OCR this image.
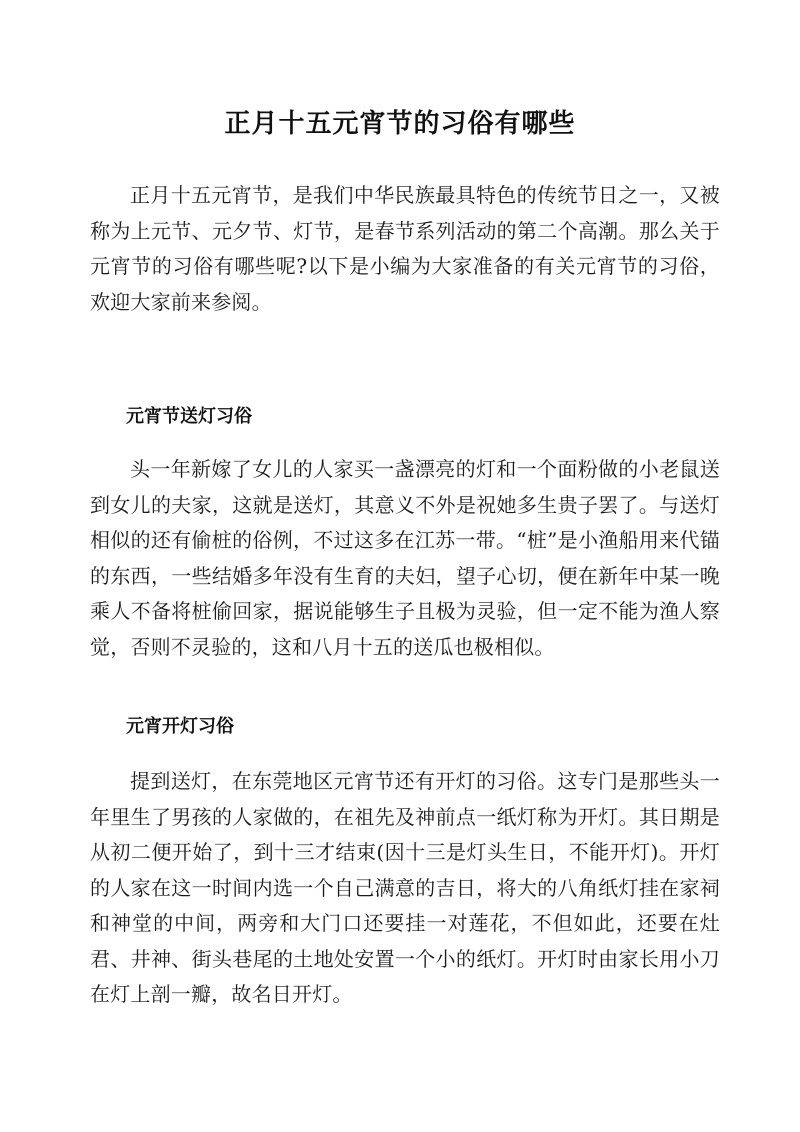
正月十五元宵节的习俗有哪些

正月十五元宵节，是我们中华民族最具特色的传统节日之一，又被称为上元节、元夕节、灯节，是春节系列活动的第二个高潮。那么关于元宵节的习俗有哪些呢?以下是小编为大家准备的有关元宵节的习俗，欢迎大家前来参阅。

元宵节送灯习俗

头一年新嫁了女儿的人家买一盏漂亮的灯和一个面粉做的小老鼠送到女儿的夫家，这就是送灯，其意义不外是祝她多生贵子罢了。与送灯相似的还有偷桩的俗例，不过这多在江苏一带。“桩”是小渔船用来代锚的东西，一些结婚多年没有生育的夫妇，望子心切，便在新年中某一晚乘人不备将桩偷回家，据说能够生子且极为灵验，但一定不能为渔人察觉，否则不灵验的，这和八月十五的送瓜也极相似。

元宵开灯习俗

提到送灯，在东莞地区元宵节还有开灯的习俗。这专门是那些头一年里生了男孩的人家做的，在祖先及神前点一纸灯称为开灯。其日期是从初二便开始了，到十三才结束(因十三是灯头生日，不能开灯)。开灯的人家在这一时间内选一个自己满意的吉日，将大的八角纸灯挂在家祠和神堂的中间，两旁和大门口还要挂一对莲花，不但如此，还要在灶君、井神、街头巷尾的土地处安置一个小的纸灯。开灯时由家长用小刀在灯上剖一瓣，故名日开灯。
